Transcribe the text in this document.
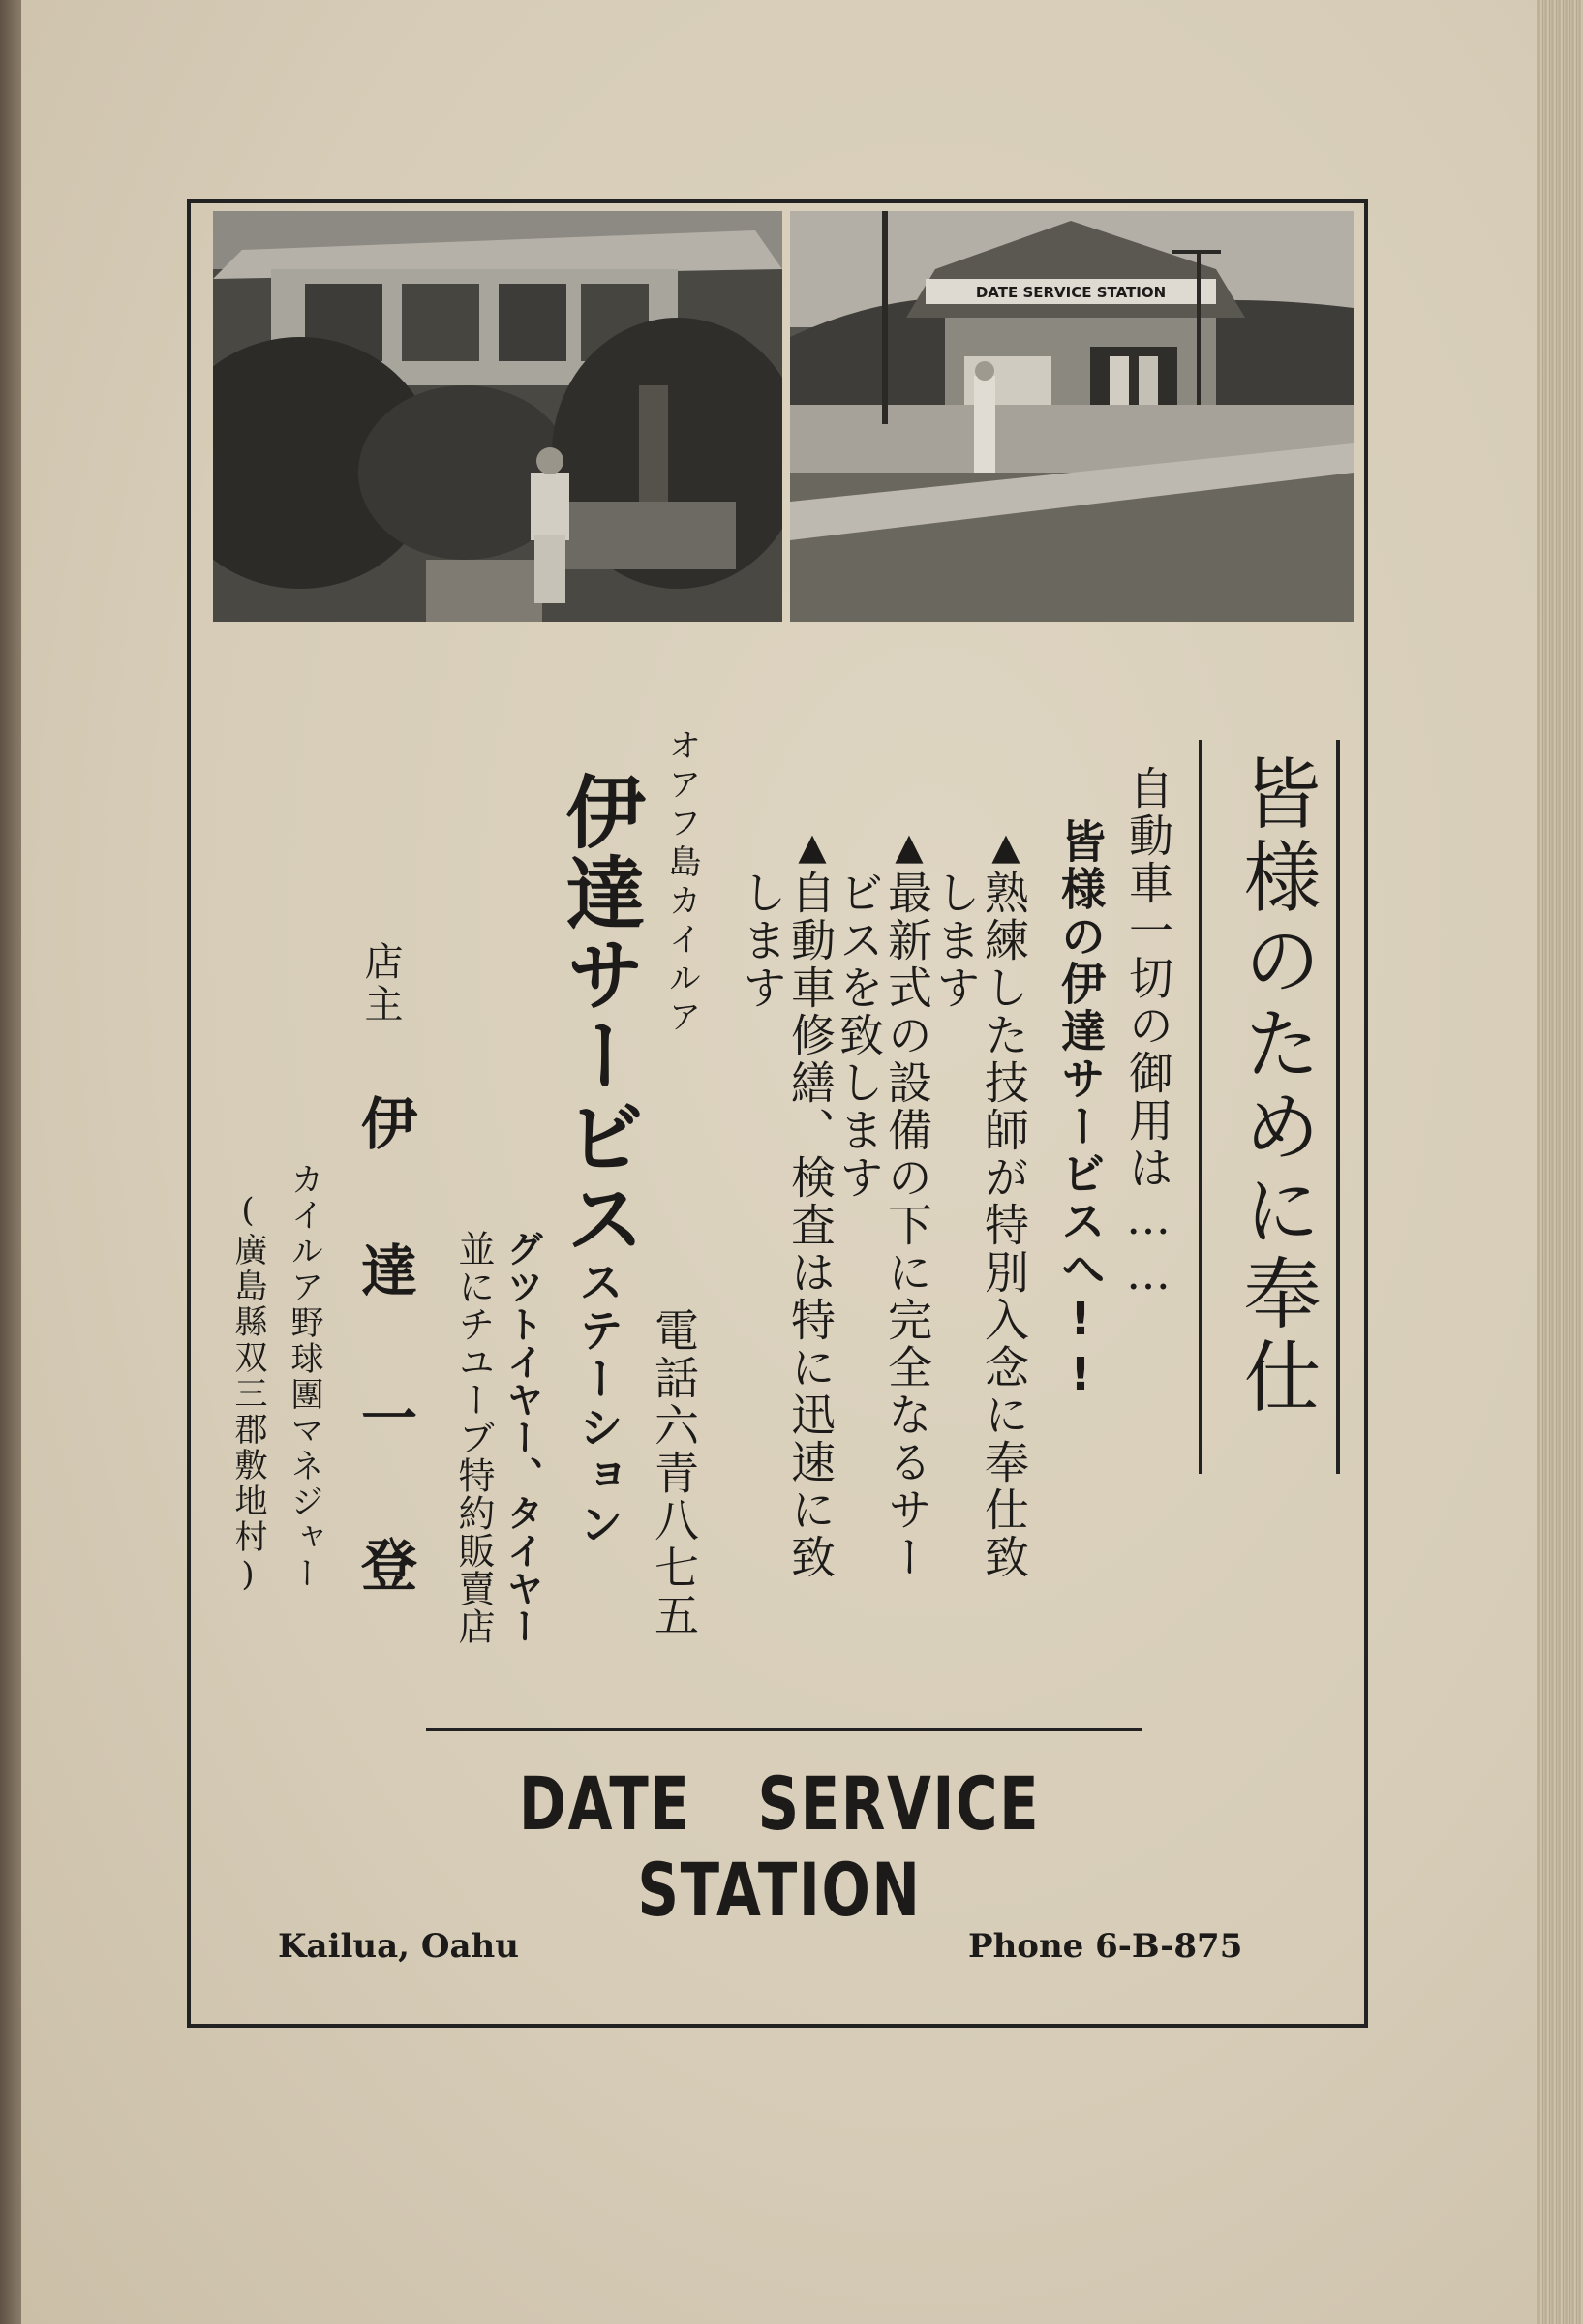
DATE SERVICE STATION
皆様のために奉仕
自動車一切の御用は……
皆様の伊達サービスへ!!
▲
熟練した技師が特別入念に奉仕致
します
▲
最新式の設備の下に完全なるサー
ビスを致します
▲
自動車修繕、検査は特に迅速に致
します
オアフ島カイルア
電話六青八七五
伊達サービス
ステーション
グツトイヤー、タイヤー
並にチユーブ特約販賣店
店主
伊　達　一　登
カイルア野球團マネジャー
(廣島縣双三郡敷地村)
DATE SERVICE STATION
Kailua, Oahu	Phone 6-B-875
